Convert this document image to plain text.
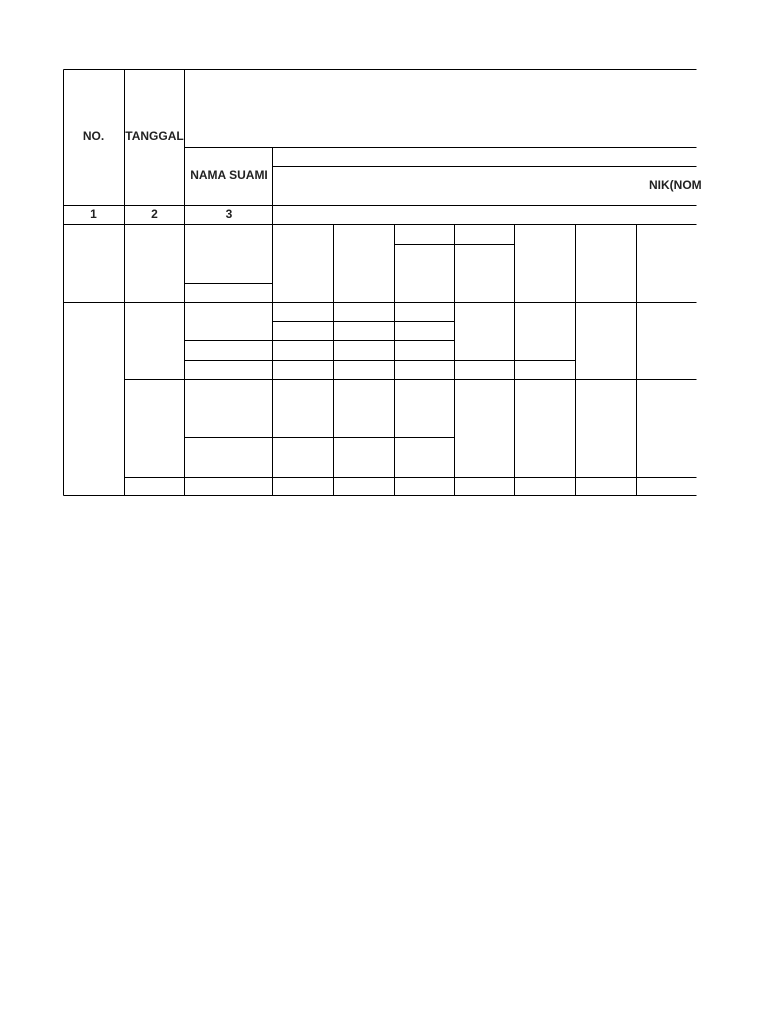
NO.	TANGGAL
NAMA SUAMI
NIK(NOM
1	2	3
